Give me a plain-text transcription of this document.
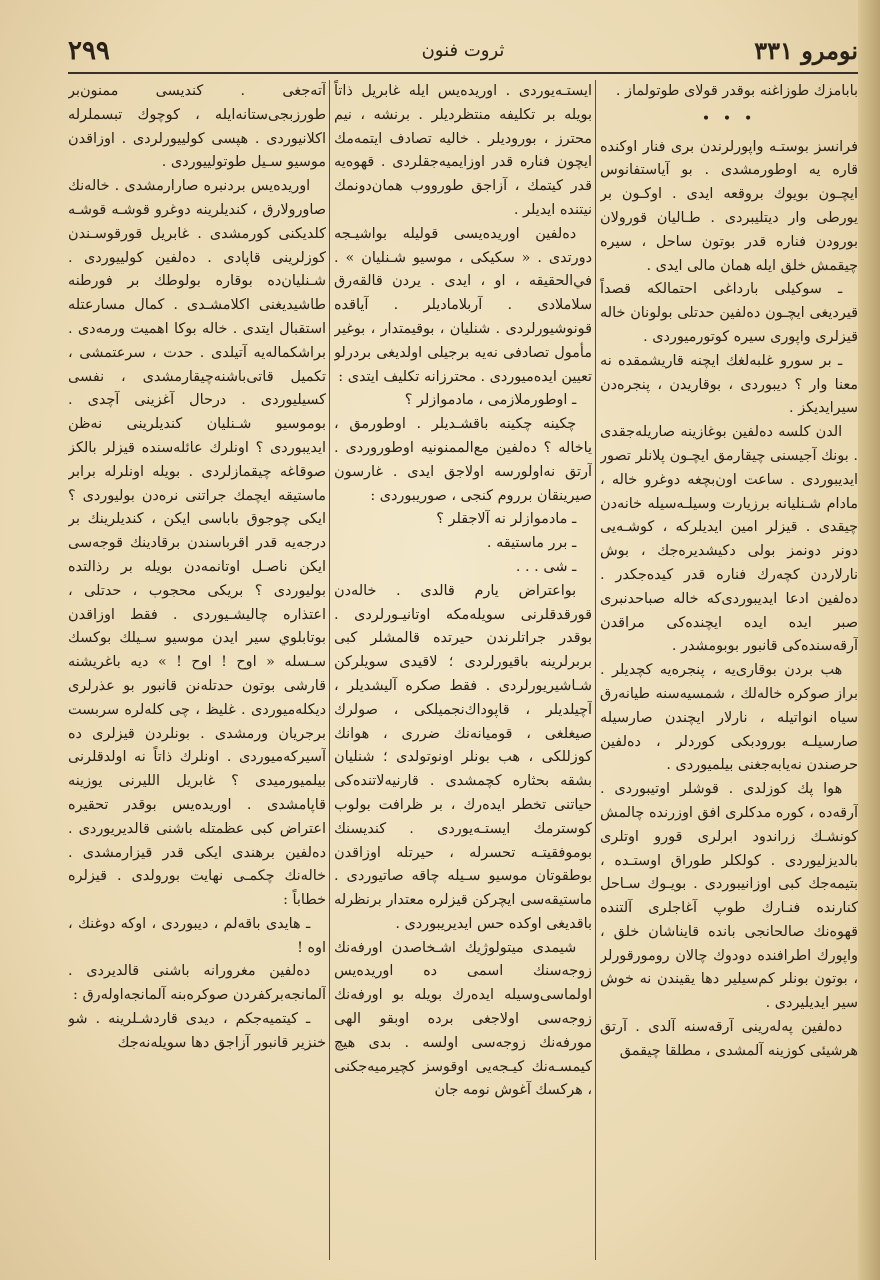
نومرو ٣٣١
ثروت فنون
٢٩٩
بابامزك طوزاغنه بوقدر قولاى طوتولماز .
• • •
فرانسز بوستـه واپورلرندن برى فنار اوكنده قاره يه اوطورمشدى . بو آياستفانوس ايچـون بويوك بروقعه ايدى . اوكـون بر يورطى وار ديتليبردى . طـاليان قورولان بورودن فناره قدر بوتون ساحل ، سيره چيقمش خلق ايله همان مالى ايدى .
ـ سوكيلى بارداغى احتمالكه قصداً قيرديغى ايچـون ده‌لفين حدتلى بولونان خاله قيزلرى واپورى سيره كوتورميوردى .
ـ بر سورو غلبه‌لغك ايچنه قاريشمقده نه معنا وار ؟ ديبوردى ، بوقاريدن ، پنجره‌دن سيرايديكز .
الدن كلسه ده‌لفين بوغازينه صاريله‌جقدى . بونك آجيسنى چيقارمق ايچـون پلانلر تصور ايديبوردى . ساعت اون‌بچغه دوغرو خاله ، مادام شـنليانه برزيارت وسيلـه‌سيله خانه‌دن چيقدى . قيزلر امين ايديلركه ، كوشـه‌يى دونر دونمز بولى دكيشديره‌جك ، بوش نارلاردن كچه‌رك فناره قدر كيده‌جكدر . ده‌لفين ادعا ايديبوردى‌كه خاله صباحدنبرى صبر ايده ايده ايچنده‌كى مراقدن آرقه‌سنده‌كى قانبور بوبومشدر .
هب بردن بوقارى‌يه ، پنجره‌يه كچديلر . براز صوكره خالەلك ، شمسيه‌سنه طيانه‌رق سياه انواتيله ، نارلار ايچندن صارسيله صارسيلـه بورودبكى كوردلر ، ده‌لفين حرصندن نه‌يابه‌جغنى بيلميوردى .
هوا پك كوزلدى . قوشلر اوتيبوردى . آرقه‌ده ، كوره مدكلرى افق اوزرنده چالمش كونشـك زراندود ابرلرى قورو اوتلرى بالديزليوردى . كولكلر طوراق اوستـده ، بتيمه‌جك كبى اوزانيبوردى . بويـوك سـاحل كنارنده فنـارك طوپ آغاجلرى آلتنده قهوه‌نك صالحانجى بانده قايناشان خلق ، واپورك اطرافنده دودوك چالان رومورقورلر ، بوتون بونلر كم‌سيلير دها يقيندن نه خوش سير ايديليردى .
ده‌لفين پەلەرينى آرقه‌سنه آلدى . آرتق هرشيئى كوزينه آلمشدى ، مطلقا چيقمق
ايستـه‌يوردى . اوريده‌يس ايله غابريل ذاتاً بويله بر تكليفه منتظرديلر . برنشه ، نيم محترز ، بوروديلر . خاليه تصادف ايتمەمك ايچون فناره قدر اوزايميه‌جقلردى . قهوه‌يه قدر كيتمك ، آزاجق طورووب همان‌دونمك نيتنده ايديلر .
ده‌لفين اوريده‌يسى قوليله بواشيـجه دورتدى . « سكيكى ، موسيو شـنليان » . في‌الحقيقه ، او ، ايدى . يردن قالقه‌رق سلاملادى . آربلاماديلر . آياقده قونوشيورلردى . شنليان ، بوقيمتدار ، بوغير مأمول تصادفى نه‌يه برجيلى اولديغى بردرلو تعيين ايده‌ميوردى . محترزانه تكليف ايتدى :
ـ اوطورملازمى ، مادموازلر ؟
چكينه چكينه باقشـديلر . اوطورمق ، ياخاله ؟ ده‌لفين مع‌الممنونيه اوطوروردى . آرتق نه‌اولورسه اولاجق ايدى . غارسون صيرينقان برروم كنجى ، صوريبوردى :
ـ مادموازلر نه آلاجقلر ؟
ـ برر ماستيقه .
ـ شى . . .
بواعتراض يارم قالدى . خاله‌دن قورقدقلرنى سويله‌مكه اوتانيـورلردى . بوقدر جراتلرندن حيرتده قالمشلر كبى بربرلرينه باقيورلردى ؛ لاقيدى سويلركن شـاشيريورلردى . فقط صكره آليشديلر ، آچيلديلر ، قاپوداك‌نجميلكى ، صولرك صيغلغى ، قوميانه‌نك ضررى ، هوانك كوزللكى ، هب بونلر اونوتولدى ؛ شنليان بشقه بحثاره كچمشدى . قارنيه‌لاتنده‌كى حياتنى تخطر ايده‌رك ، بر ظرافت بولوب كوسترمك ايستـه‌يوردى . كنديسنك بوموفقيتـه تحسرله ، حيرتله اوزاقدن بوطقوتان موسيو سـيله چاقه صاتيوردى . ماستيقه‌سى ايچركن قيزلره معتدار برنظرله باقديغى اوكده حس ايديريبوردى .
شيمدى ميتولوژيك اشـخاصدن اورفه‌نك زوجه‌سنك اسمى ده اوريده‌يس اولماسى‌وسيله ايده‌رك بويله بو اورفه‌نك زوجه‌سى اولاجغى برده اوبقو الهى مورفه‌نك زوجه‌سى اولسه . بدى هيچ كيمسـه‌نك كيـجه‌يى اوقوسز كچيرميه‌جكنى ، هركسك آغوش نومه جان
آته‌جغى . كنديسى ممنون‌بر طورزبجى‌ستانه‌ايله ، كوچوك تبسملرله اكلانيوردى . هپسى كولييورلردى . اوزاقدن موسيو سـيل طوتولييوردى .
اوريده‌يس بردنبره صارارمشدى . خاله‌نك صاورولارق ، كنديلرينه دوغرو قوشـه قوشـه كلديكنى كورمشدى . غابريل قورقوسـندن كوزلرينى قاپادى . ده‌لفين كولييوردى . شـنليان‌ده بوقاره بولوطك بر فورطنه طاشيديغنى اكلامشـدى . كمال مسارعتله استقبال ايتدى . خاله بوكا اهميت ورمەدى . براشكماله‌يه آتيلدى . حدت ، سرعتمشى ، تكميل قاتى‌باشنه‌چيقارمشدى ، نفسى كسيليوردى . درحال آغزينى آچدى . بوموسيو شـنليان كنديلرينى نه‌ظن ايديبوردى ؟ اونلرك عائله‌سنده قيزلر بالكز صوقاغه چيقمازلردى . بويله اونلرله برابر ماستيقه ايچمك جراتنى نره‌دن بوليوردى ؟ ايكى چوجوق باباسى ايكن ، كنديلرينك بر درجه‌يه قدر اقرباسندن برقادينك قوجه‌سى ايكن ناصـل اوتانمەدن بويله بر رذالتده بوليوردى ؟ بريكى محجوب ، حدتلى ، اعتذاره چالیشـيوردى . فقط اوزاقدن بوتابلوي سير ايدن موسيو سـيلك بوكسك سـسله « اوح ! اوح ! » ديه باغريشنه قارشى بوتون حدتلەنن قانبور بو عذرلرى ديكله‌ميوردى . غليظ ، چى كله‌لره سربست برجريان ورمشدى . بونلردن قيزلرى ده آسيركه‌ميوردى . اونلرك ذاتاً نه اولدقلرنى بيلميورميدى ؟ غابريل الليرنى يوزينه قاپامشدى . اوريده‌يس بوقدر تحقيره اعتراض كبى عظمتله باشنى قالديريوردى . ده‌لفين برهندى ايكى قدر قيزارمشدى . خاله‌نك چكمـى نهايت بورولدى . قيزلره خطاباً :
ـ هايدى باقه‌لم ، ديبوردى ، اوكه دوغنك ، اوه !
ده‌لفين مغرورانه باشنى قالديردى . آلمانجه‌بركفردن صوكره‌بنه آلمانجه‌اوله‌رق :
ـ كيتميه‌جكم ، ديدى قاردشـلرينه . شو خنزير قانبور آزاجق دها سويله‌نه‌جك
